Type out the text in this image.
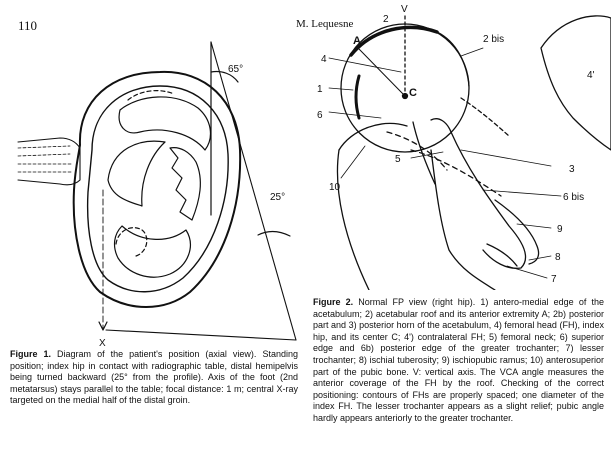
110	M. Lequesne
65°
25°
X
V
2
A	2 bis
4
4'
1	C
6
5
10
3
6 bis
9
8
7
Figure 1. Diagram of the patient's position (axial view). Standing position; index hip in contact with radiographic table, distal hemipelvis being turned backward (25° from the profile). Axis of the foot (2nd metatarsus) stays parallel to the table; focal distance: 1 m; central X-ray targeted on the medial half of the distal groin.
Figure 2. Normal FP view (right hip). 1) antero-medial edge of the acetabulum; 2) acetabular roof and its anterior extremity A; 2b) posterior part and 3) posterior horn of the acetabulum, 4) femoral head (FH), index hip, and its center C; 4') contralateral FH; 5) femoral neck; 6) superior edge and 6b) posterior edge of the greater trochanter; 7) lesser trochanter; 8) ischial tuberosity; 9) ischiopubic ramus; 10) anterosuperior part of the pubic bone. V: vertical axis. The VCA angle measures the anterior coverage of the FH by the roof. Checking of the correct positioning: contours of FHs are properly spaced; one diameter of the index FH. The lesser trochanter appears as a slight relief; pubic angle hardly appears anteriorly to the greater trochanter.
